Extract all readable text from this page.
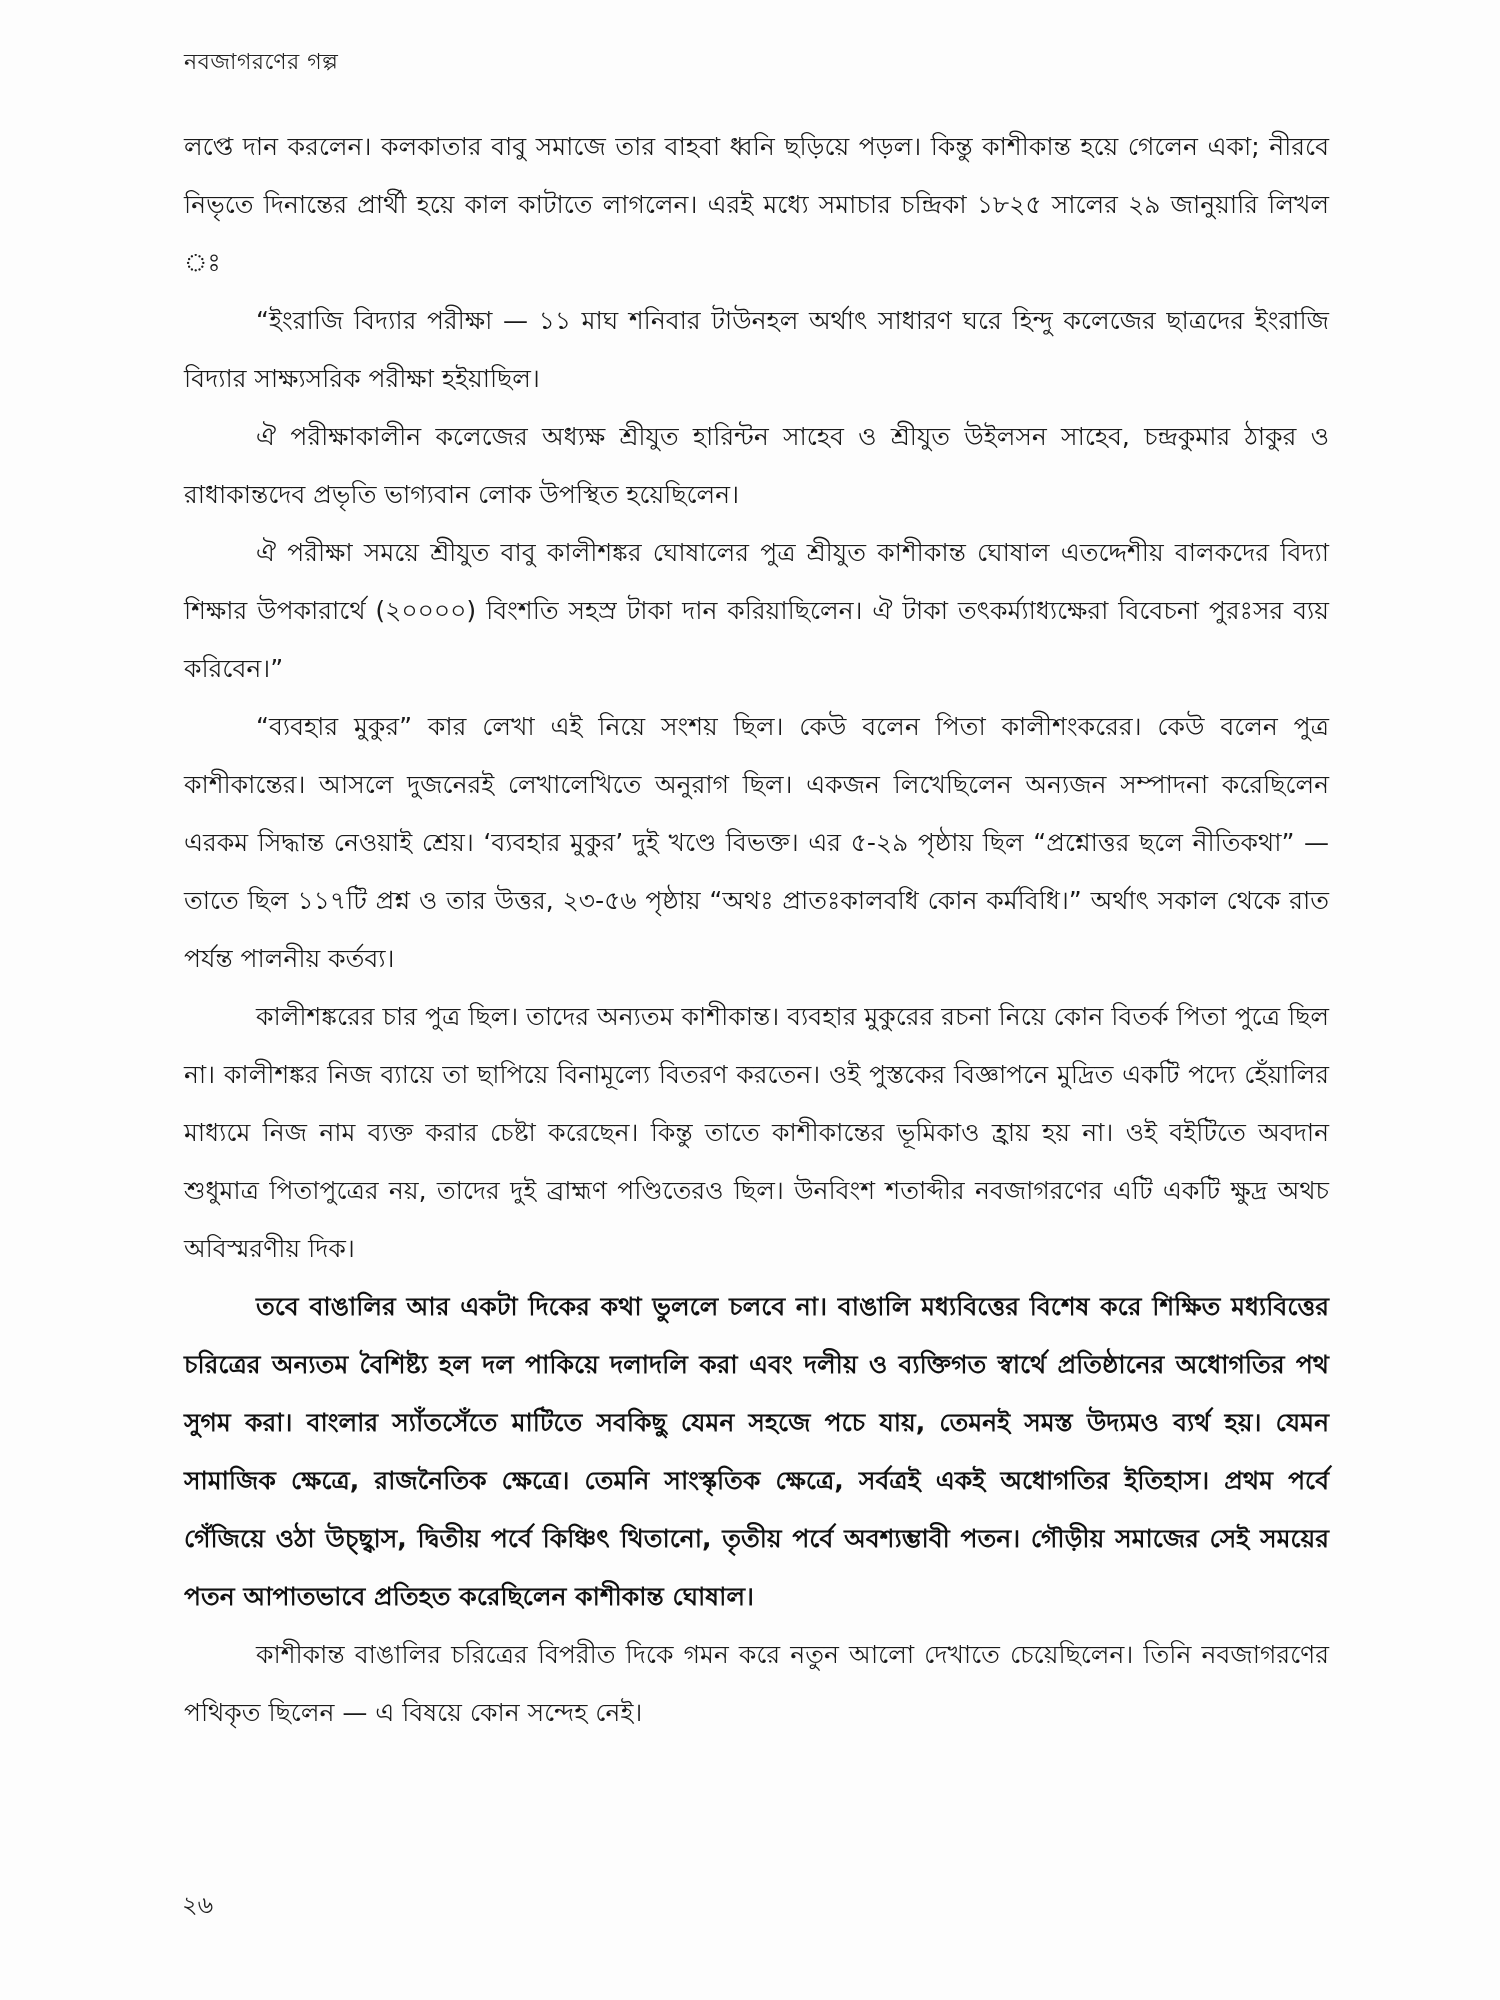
নবজাগরণের গল্প

লপ্তে দান করলেন। কলকাতার বাবু সমাজে তার বাহবা ধ্বনি ছড়িয়ে পড়ল। কিন্তু কাশীকান্ত হয়ে গেলেন একা; নীরবে নিভৃতে দিনান্তের প্রার্থী হয়ে কাল কাটাতে লাগলেন। এরই মধ্যে সমাচার চন্দ্রিকা ১৮২৫ সালের ২৯ জানুয়ারি লিখল ঃ

“ইংরাজি বিদ্যার পরীক্ষা — ১১ মাঘ শনিবার টাউনহল অর্থাৎ সাধারণ ঘরে হিন্দু কলেজের ছাত্রদের ইংরাজি বিদ্যার সাক্ষ্যসরিক পরীক্ষা হইয়াছিল।

ঐ পরীক্ষাকালীন কলেজের অধ্যক্ষ শ্রীযুত হারিন্টন সাহেব ও শ্রীযুত উইলসন সাহেব, চন্দ্রকুমার ঠাকুর ও রাধাকান্তদেব প্রভৃতি ভাগ্যবান লোক উপস্থিত হয়েছিলেন।

ঐ পরীক্ষা সময়ে শ্রীযুত বাবু কালীশঙ্কর ঘোষালের পুত্র শ্রীযুত কাশীকান্ত ঘোষাল এতদ্দেশীয় বালকদের বিদ্যা শিক্ষার উপকারার্থে (২০০০০) বিংশতি সহস্র টাকা দান করিয়াছিলেন। ঐ টাকা তৎকর্ম্যাধ্যক্ষেরা বিবেচনা পুরঃসর ব্যয় করিবেন।”

“ব্যবহার মুকুর” কার লেখা এই নিয়ে সংশয় ছিল। কেউ বলেন পিতা কালীশংকরের। কেউ বলেন পুত্র কাশীকান্তের। আসলে দুজনেরই লেখালেখিতে অনুরাগ ছিল। একজন লিখেছিলেন অন্যজন সম্পাদনা করেছিলেন এরকম সিদ্ধান্ত নেওয়াই শ্রেয়। ‘ব্যবহার মুকুর’ দুই খণ্ডে বিভক্ত। এর ৫-২৯ পৃষ্ঠায় ছিল “প্রশ্নোত্তর ছলে নীতিকথা” — তাতে ছিল ১১৭টি প্রশ্ন ও তার উত্তর, ২৩-৫৬ পৃষ্ঠায় “অথঃ প্রাতঃকালবধি কোন কর্মবিধি।” অর্থাৎ সকাল থেকে রাত পর্যন্ত পালনীয় কর্তব্য।

কালীশঙ্করের চার পুত্র ছিল। তাদের অন্যতম কাশীকান্ত। ব্যবহার মুকুরের রচনা নিয়ে কোন বিতর্ক পিতা পুত্রে ছিল না। কালীশঙ্কর নিজ ব্যায়ে তা ছাপিয়ে বিনামূল্যে বিতরণ করতেন। ওই পুস্তকের বিজ্ঞাপনে মুদ্রিত একটি পদ্যে হেঁয়ালির মাধ্যমে নিজ নাম ব্যক্ত করার চেষ্টা করেছেন। কিন্তু তাতে কাশীকান্তের ভূমিকাও হ্রায় হয় না। ওই বইটিতে অবদান শুধুমাত্র পিতাপুত্রের নয়, তাদের দুই ব্রাহ্মণ পণ্ডিতেরও ছিল। উনবিংশ শতাব্দীর নবজাগরণের এটি একটি ক্ষুদ্র অথচ অবিস্মরণীয় দিক।

তবে বাঙালির আর একটা দিকের কথা ভুললে চলবে না। বাঙালি মধ্যবিত্তের বিশেষ করে শিক্ষিত মধ্যবিত্তের চরিত্রের অন্যতম বৈশিষ্ট্য হল দল পাকিয়ে দলাদলি করা এবং দলীয় ও ব্যক্তিগত স্বার্থে প্রতিষ্ঠানের অধোগতির পথ সুগম করা। বাংলার স্যাঁতসেঁতে মাটিতে সবকিছু যেমন সহজে পচে যায়, তেমনই সমস্ত উদ্যমও ব্যর্থ হয়। যেমন সামাজিক ক্ষেত্রে, রাজনৈতিক ক্ষেত্রে। তেমনি সাংস্কৃতিক ক্ষেত্রে, সর্বত্রই একই অধোগতির ইতিহাস। প্রথম পর্বে গেঁজিয়ে ওঠা উচ্ছ্বাস, দ্বিতীয় পর্বে কিঞ্চিৎ থিতানো, তৃতীয় পর্বে অবশ্যম্ভাবী পতন। গৌড়ীয় সমাজের সেই সময়ের পতন আপাতভাবে প্রতিহত করেছিলেন কাশীকান্ত ঘোষাল।

কাশীকান্ত বাঙালির চরিত্রের বিপরীত দিকে গমন করে নতুন আলো দেখাতে চেয়েছিলেন। তিনি নবজাগরণের পথিকৃত ছিলেন — এ বিষয়ে কোন সন্দেহ নেই।

২৬
